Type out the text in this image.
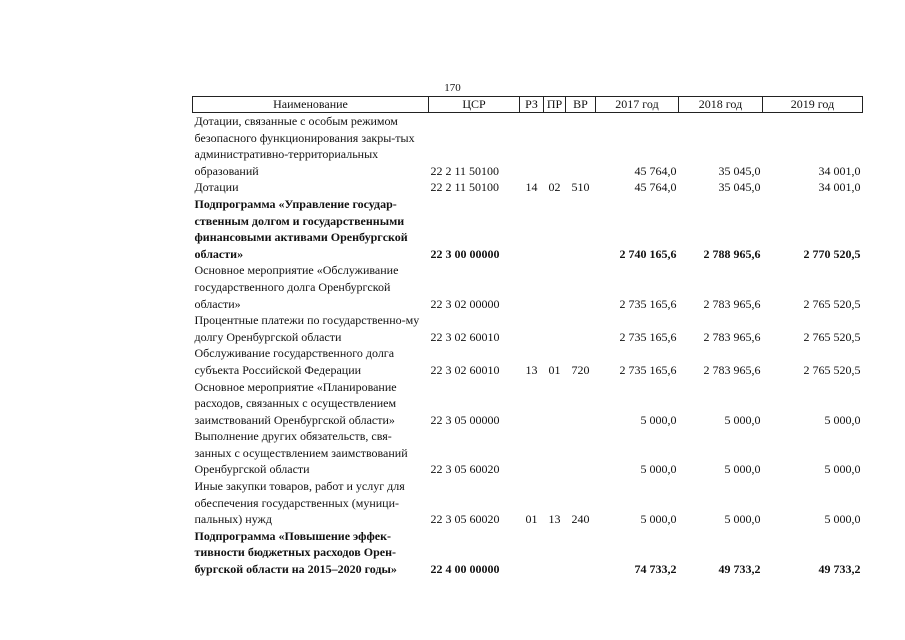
170
Наименование	ЦСР	РЗ	ПР	ВР	2017 год	2018 год	2019 год
Дотации, связанные с особым режимом безопасного функционирования закры-тых административно-территориальных образований	22 2 11 50100				45 764,0	35 045,0	34 001,0
Дотации	22 2 11 50100	14	02	510	45 764,0	35 045,0	34 001,0
Подпрограмма «Управление государ-ственным долгом и государственными финансовыми активами Оренбургской области»	22 3 00 00000				2 740 165,6	2 788 965,6	2 770 520,5
Основное мероприятие «Обслуживание государственного долга Оренбургской области»	22 3 02 00000				2 735 165,6	2 783 965,6	2 765 520,5
Процентные платежи по государственно-му долгу Оренбургской области	22 3 02 60010				2 735 165,6	2 783 965,6	2 765 520,5
Обслуживание государственного долга субъекта Российской Федерации	22 3 02 60010	13	01	720	2 735 165,6	2 783 965,6	2 765 520,5
Основное мероприятие «Планирование расходов, связанных с осуществлением заимствований Оренбургской области»	22 3 05 00000				5 000,0	5 000,0	5 000,0
Выполнение других обязательств, свя-занных с осуществлением заимствований Оренбургской области	22 3 05 60020				5 000,0	5 000,0	5 000,0
Иные закупки товаров, работ и услуг для обеспечения государственных (муници-пальных) нужд	22 3 05 60020	01	13	240	5 000,0	5 000,0	5 000,0
Подпрограмма «Повышение эффек-тивности бюджетных расходов Орен-бургской области на 2015–2020 годы»	22 4 00 00000				74 733,2	49 733,2	49 733,2
